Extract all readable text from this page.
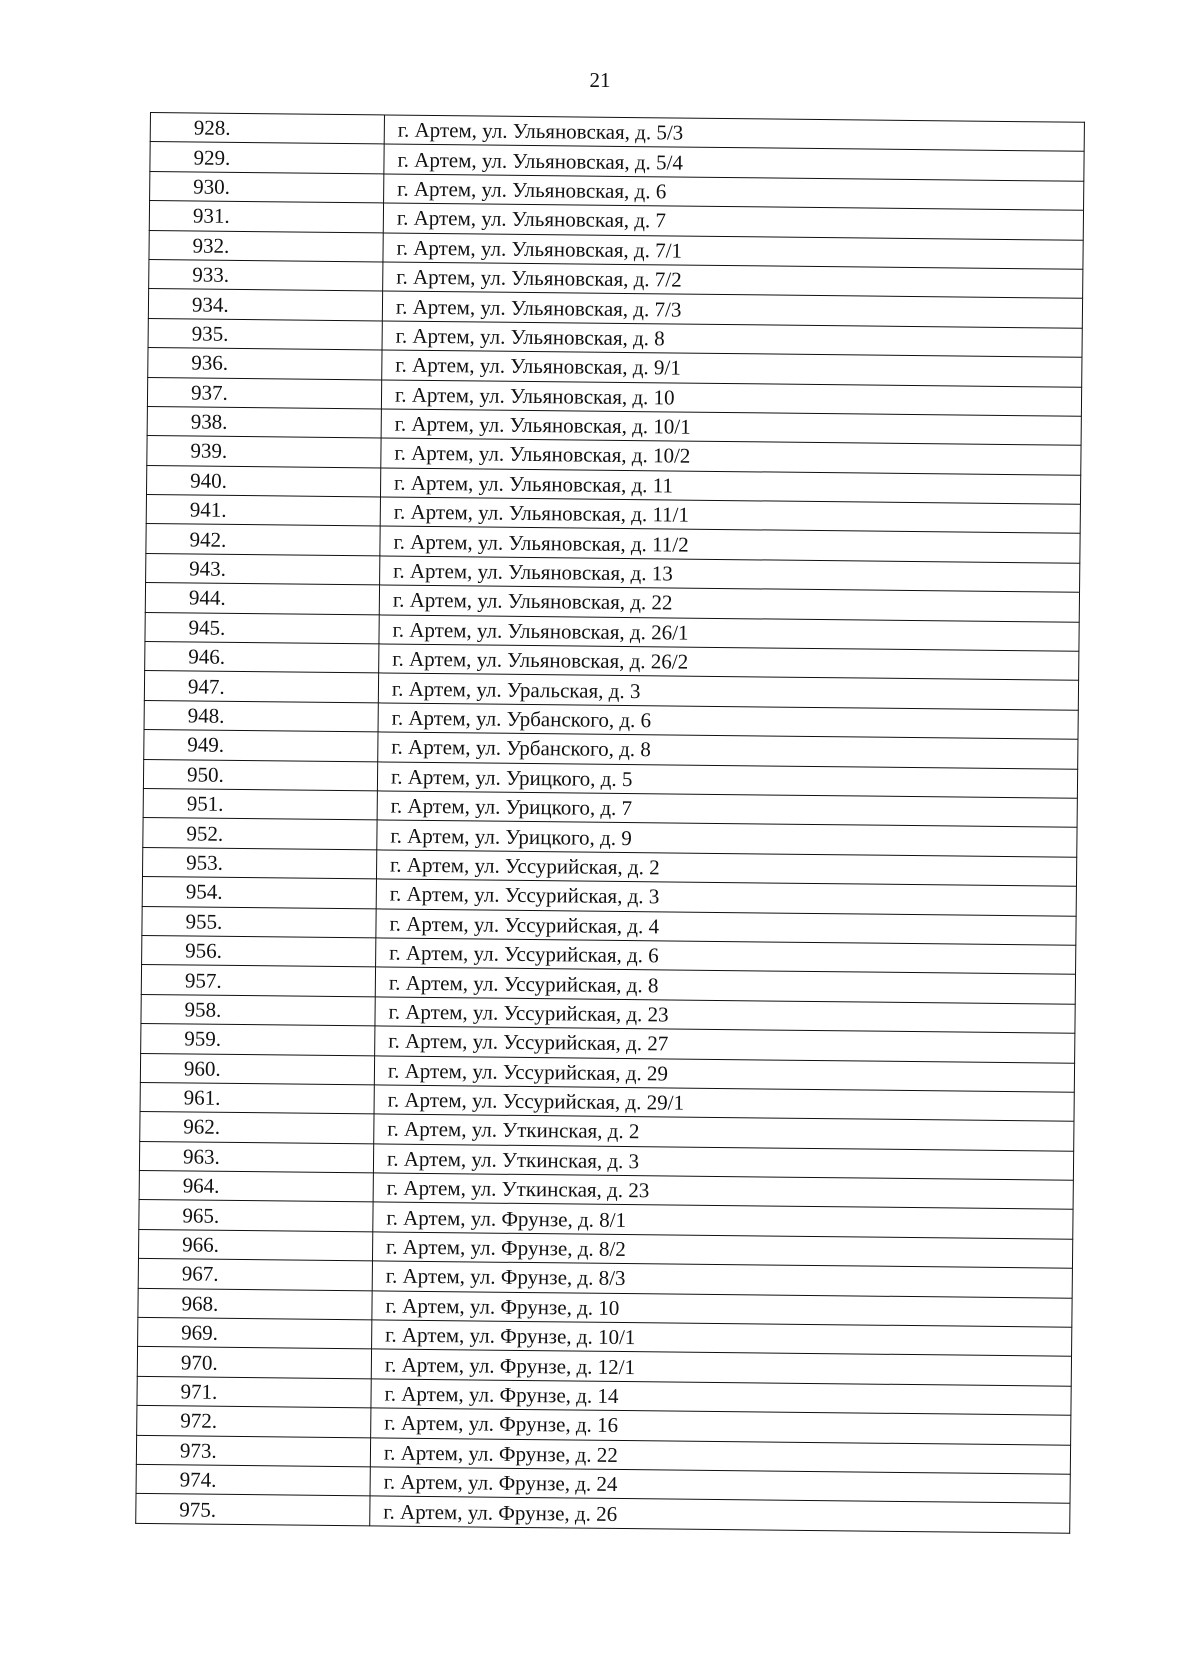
21
928.	г. Артем, ул. Ульяновская, д. 5/3
929.	г. Артем, ул. Ульяновская, д. 5/4
930.	г. Артем, ул. Ульяновская, д. 6
931.	г. Артем, ул. Ульяновская, д. 7
932.	г. Артем, ул. Ульяновская, д. 7/1
933.	г. Артем, ул. Ульяновская, д. 7/2
934.	г. Артем, ул. Ульяновская, д. 7/3
935.	г. Артем, ул. Ульяновская, д. 8
936.	г. Артем, ул. Ульяновская, д. 9/1
937.	г. Артем, ул. Ульяновская, д. 10
938.	г. Артем, ул. Ульяновская, д. 10/1
939.	г. Артем, ул. Ульяновская, д. 10/2
940.	г. Артем, ул. Ульяновская, д. 11
941.	г. Артем, ул. Ульяновская, д. 11/1
942.	г. Артем, ул. Ульяновская, д. 11/2
943.	г. Артем, ул. Ульяновская, д. 13
944.	г. Артем, ул. Ульяновская, д. 22
945.	г. Артем, ул. Ульяновская, д. 26/1
946.	г. Артем, ул. Ульяновская, д. 26/2
947.	г. Артем, ул. Уральская, д. 3
948.	г. Артем, ул. Урбанского, д. 6
949.	г. Артем, ул. Урбанского, д. 8
950.	г. Артем, ул. Урицкого, д. 5
951.	г. Артем, ул. Урицкого, д. 7
952.	г. Артем, ул. Урицкого, д. 9
953.	г. Артем, ул. Уссурийская, д. 2
954.	г. Артем, ул. Уссурийская, д. 3
955.	г. Артем, ул. Уссурийская, д. 4
956.	г. Артем, ул. Уссурийская, д. 6
957.	г. Артем, ул. Уссурийская, д. 8
958.	г. Артем, ул. Уссурийская, д. 23
959.	г. Артем, ул. Уссурийская, д. 27
960.	г. Артем, ул. Уссурийская, д. 29
961.	г. Артем, ул. Уссурийская, д. 29/1
962.	г. Артем, ул. Уткинская, д. 2
963.	г. Артем, ул. Уткинская, д. 3
964.	г. Артем, ул. Уткинская, д. 23
965.	г. Артем, ул. Фрунзе, д. 8/1
966.	г. Артем, ул. Фрунзе, д. 8/2
967.	г. Артем, ул. Фрунзе, д. 8/3
968.	г. Артем, ул. Фрунзе, д. 10
969.	г. Артем, ул. Фрунзе, д. 10/1
970.	г. Артем, ул. Фрунзе, д. 12/1
971.	г. Артем, ул. Фрунзе, д. 14
972.	г. Артем, ул. Фрунзе, д. 16
973.	г. Артем, ул. Фрунзе, д. 22
974.	г. Артем, ул. Фрунзе, д. 24
975.	г. Артем, ул. Фрунзе, д. 26
